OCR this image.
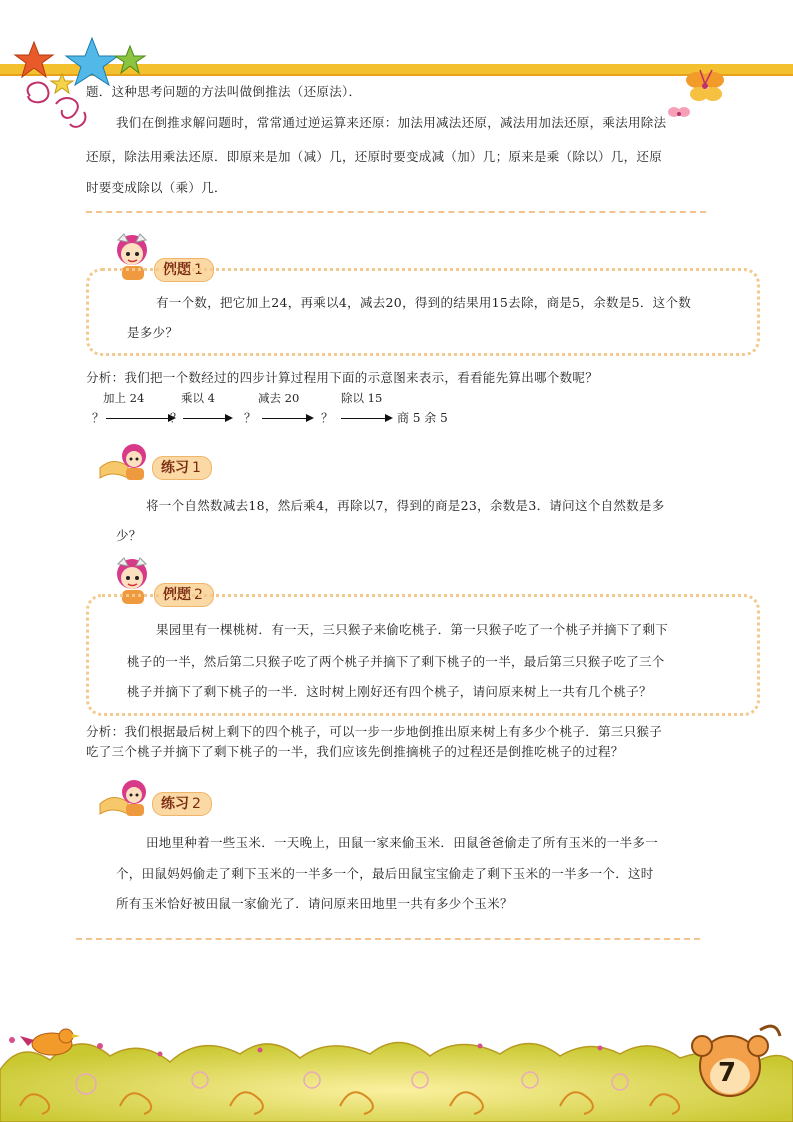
题．这种思考问题的方法叫做倒推法（还原法）．
我们在倒推求解问题时，常常通过逆运算来还原：加法用减法还原，减法用加法还原，乘法用除法
还原，除法用乘法还原．即原来是加（减）几，还原时要变成减（加）几；原来是乘（除以）几，还原
时要变成除以（乘）几．
例题 1
有一个数，把它加上24，再乘以4，减去20，得到的结果用15去除，商是5，余数是5．这个数
是多少？
分析：我们把一个数经过的四步计算过程用下面的示意图来表示，看看能先算出哪个数呢？
加上 24	乘以 4	减去 20	除以 15
？	？	？	？	商 5 余 5
练习 1
将一个自然数减去18，然后乘4，再除以7，得到的商是23，余数是3．请问这个自然数是多
少？
例题 2
果园里有一棵桃树．有一天，三只猴子来偷吃桃子．第一只猴子吃了一个桃子并摘下了剩下
桃子的一半，然后第二只猴子吃了两个桃子并摘下了剩下桃子的一半，最后第三只猴子吃了三个
桃子并摘下了剩下桃子的一半．这时树上刚好还有四个桃子，请问原来树上一共有几个桃子？
分析：我们根据最后树上剩下的四个桃子，可以一步一步地倒推出原来树上有多少个桃子．第三只猴子
吃了三个桃子并摘下了剩下桃子的一半，我们应该先倒推摘桃子的过程还是倒推吃桃子的过程？
练习 2
田地里种着一些玉米．一天晚上，田鼠一家来偷玉米．田鼠爸爸偷走了所有玉米的一半多一
个，田鼠妈妈偷走了剩下玉米的一半多一个，最后田鼠宝宝偷走了剩下玉米的一半多一个．这时
所有玉米恰好被田鼠一家偷光了．请问原来田地里一共有多少个玉米？
7
